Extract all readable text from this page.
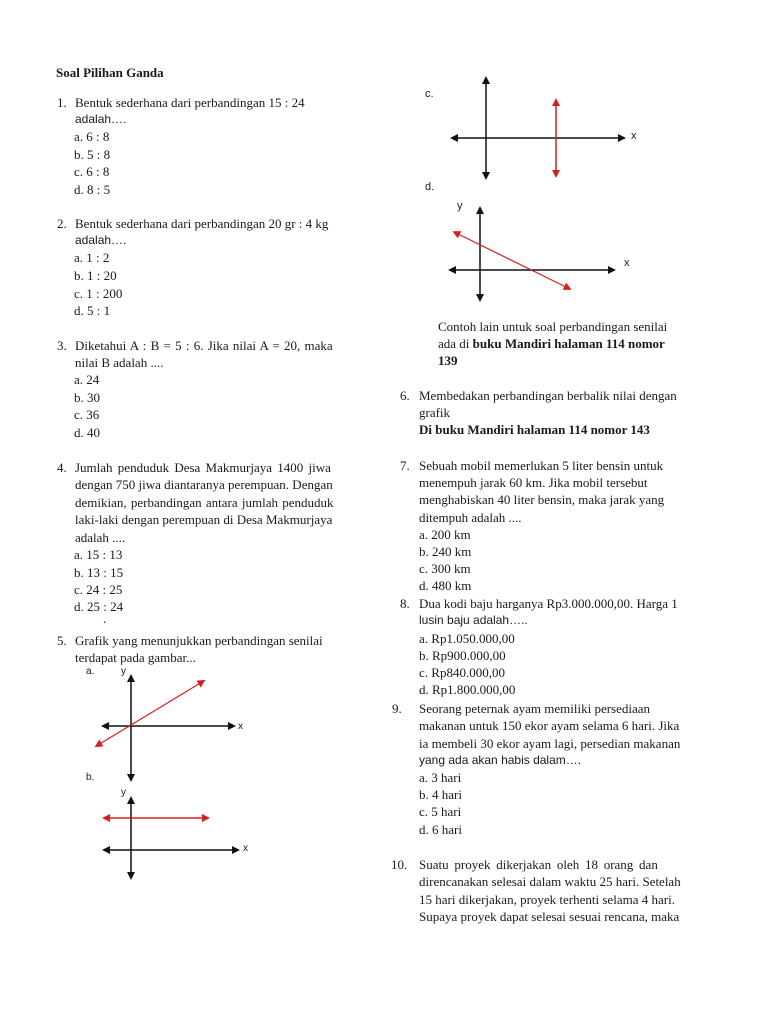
Soal Pilihan Ganda
1. Bentuk sederhana dari perbandingan 15 : 24
adalah….
a. 6 : 8
b. 5 : 8
c. 6 : 8
d. 8 : 5
2. Bentuk sederhana dari perbandingan 20 gr : 4 kg
adalah….
a. 1 : 2
b. 1 : 20
c. 1 : 200
d. 5 : 1
3. Diketahui A : B = 5 : 6. Jika nilai A = 20, maka
nilai B adalah ....
a. 24
b. 30
c. 36
d. 40
4. Jumlah penduduk Desa Makmurjaya 1400 jiwa
dengan 750 jiwa diantaranya perempuan. Dengan
demikian, perbandingan antara jumlah penduduk
laki-laki dengan perempuan di Desa Makmurjaya
adalah ....
a. 15 : 13
b. 13 : 15
c. 24 : 25
d. 25 : 24
.
5. Grafik yang menunjukkan perbandingan senilai
terdapat pada gambar...
a.	y
x
b.
y
x
c.
x
d.
y
x
Contoh lain untuk soal perbandingan senilai
ada di buku Mandiri halaman 114 nomor
139
6. Membedakan perbandingan berbalik nilai dengan
grafik
Di buku Mandiri halaman 114 nomor 143
7. Sebuah mobil memerlukan 5 liter bensin untuk
menempuh jarak 60 km. Jika mobil tersebut
menghabiskan 40 liter bensin, maka jarak yang
ditempuh adalah ....
a. 200 km
b. 240 km
c. 300 km
d. 480 km
8. Dua kodi baju harganya Rp3.000.000,00. Harga 1
lusin baju adalah…..
a. Rp1.050.000,00
b. Rp900.000,00
c. Rp840.000,00
d. Rp1.800.000,00
9. Seorang peternak ayam memiliki persediaan
makanan untuk 150 ekor ayam selama 6 hari. Jika
ia membeli 30 ekor ayam lagi, persedian makanan
yang ada akan habis dalam….
a. 3 hari
b. 4 hari
c. 5 hari
d. 6 hari
10. Suatu proyek dikerjakan oleh 18 orang dan
direncanakan selesai dalam waktu 25 hari. Setelah
15 hari dikerjakan, proyek terhenti selama 4 hari.
Supaya proyek dapat selesai sesuai rencana, maka
